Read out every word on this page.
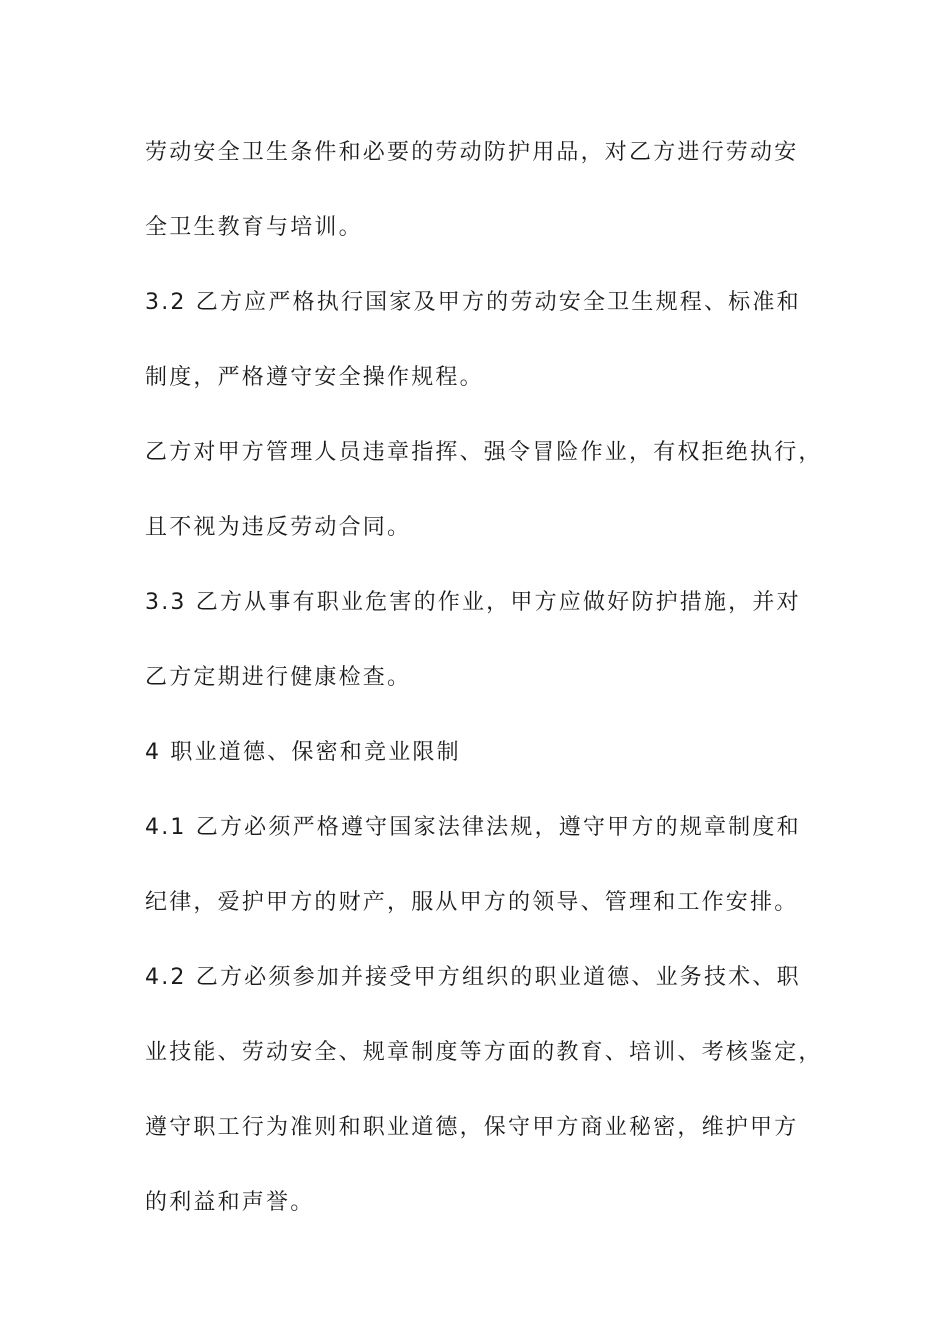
劳动安全卫生条件和必要的劳动防护用品，对乙方进行劳动安
全卫生教育与培训。
3.2 乙方应严格执行国家及甲方的劳动安全卫生规程、标准和
制度，严格遵守安全操作规程。
乙方对甲方管理人员违章指挥、强令冒险作业，有权拒绝执行，
且不视为违反劳动合同。
3.3 乙方从事有职业危害的作业，甲方应做好防护措施，并对
乙方定期进行健康检查。
4 职业道德、保密和竞业限制
4.1 乙方必须严格遵守国家法律法规，遵守甲方的规章制度和
纪律，爱护甲方的财产，服从甲方的领导、管理和工作安排。
4.2 乙方必须参加并接受甲方组织的职业道德、业务技术、职
业技能、劳动安全、规章制度等方面的教育、培训、考核鉴定，
遵守职工行为准则和职业道德，保守甲方商业秘密，维护甲方
的利益和声誉。
